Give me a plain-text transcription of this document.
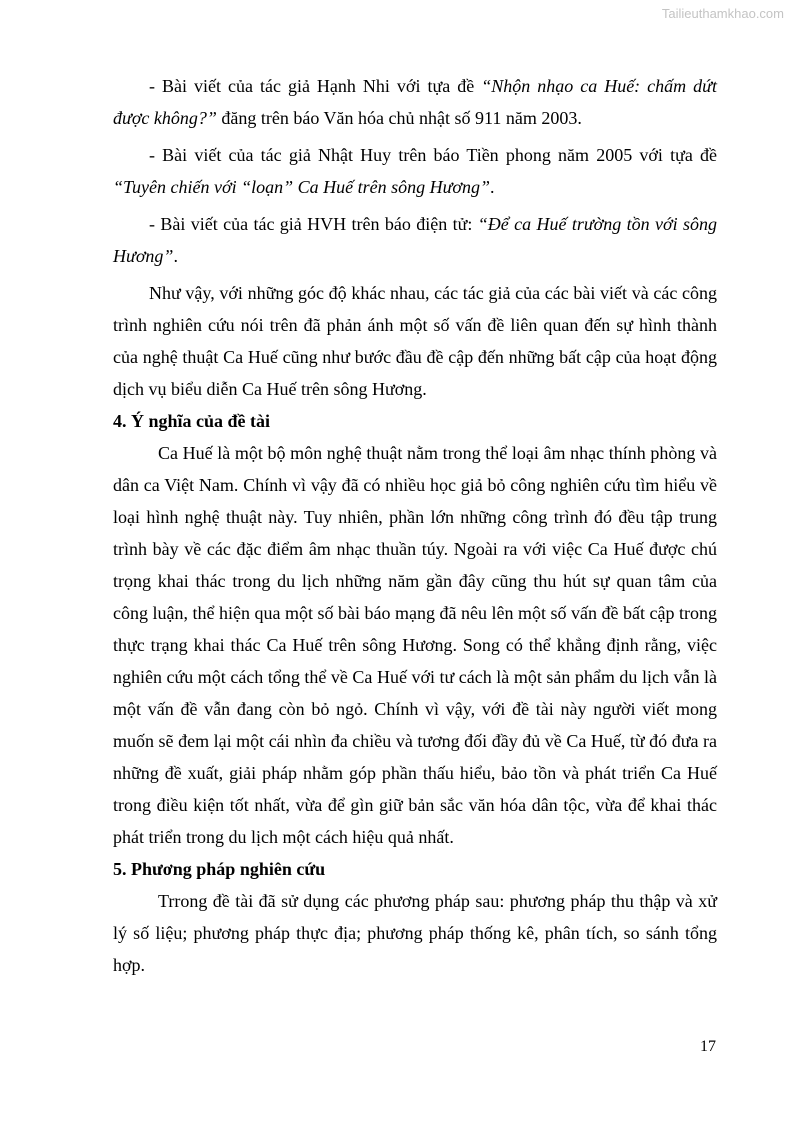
Tailieuthamkhao.com

- Bài viết của tác giả Hạnh Nhi với tựa đề “Nhộn nhạo ca Huế: chấm dứt được không?” đăng trên báo Văn hóa chủ nhật số 911 năm 2003.

- Bài viết của tác giả Nhật Huy trên báo Tiền phong năm 2005 với tựa đề “Tuyên chiến với “loạn” Ca Huế trên sông Hương”.

- Bài viết của tác giả HVH trên báo điện tử: “Để ca Huế trường tồn với sông Hương”.

Như vậy, với những góc độ khác nhau, các tác giả của các bài viết và các công trình nghiên cứu nói trên đã phản ánh một số vấn đề liên quan đến sự hình thành của nghệ thuật Ca Huế cũng như bước đầu đề cập đến những bất cập của hoạt động dịch vụ biểu diễn Ca Huế trên sông Hương.

4. Ý nghĩa của đề tài

Ca Huế là một bộ môn nghệ thuật nằm trong thể loại âm nhạc thính phòng và dân ca Việt Nam. Chính vì vậy đã có nhiều học giả bỏ công nghiên cứu tìm hiểu về loại hình nghệ thuật này. Tuy nhiên, phần lớn những công trình đó đều tập trung trình bày về các đặc điểm âm nhạc thuần túy. Ngoài ra với việc Ca Huế được chú trọng khai thác trong du lịch những năm gần đây cũng thu hút sự quan tâm của công luận, thể hiện qua một số bài báo mạng đã nêu lên một số vấn đề bất cập trong thực trạng khai thác Ca Huế trên sông Hương. Song có thể khẳng định rằng, việc nghiên cứu một cách tổng thể về Ca Huế với tư cách là một sản phẩm du lịch vẫn là một vấn đề vẫn đang còn bỏ ngỏ. Chính vì vậy, với đề tài này người viết mong muốn sẽ đem lại một cái nhìn đa chiều và tương đối đầy đủ về Ca Huế, từ đó đưa ra những đề xuất, giải pháp nhằm góp phần thấu hiểu, bảo tồn và phát triển Ca Huế trong điều kiện tốt nhất, vừa để gìn giữ bản sắc văn hóa dân tộc, vừa để khai thác phát triển trong du lịch một cách hiệu quả nhất.

5. Phương pháp nghiên cứu

Trrong đề tài đã sử dụng các phương pháp sau: phương pháp thu thập và xử lý số liệu; phương pháp thực địa; phương pháp thống kê, phân tích, so sánh tổng hợp.

17
